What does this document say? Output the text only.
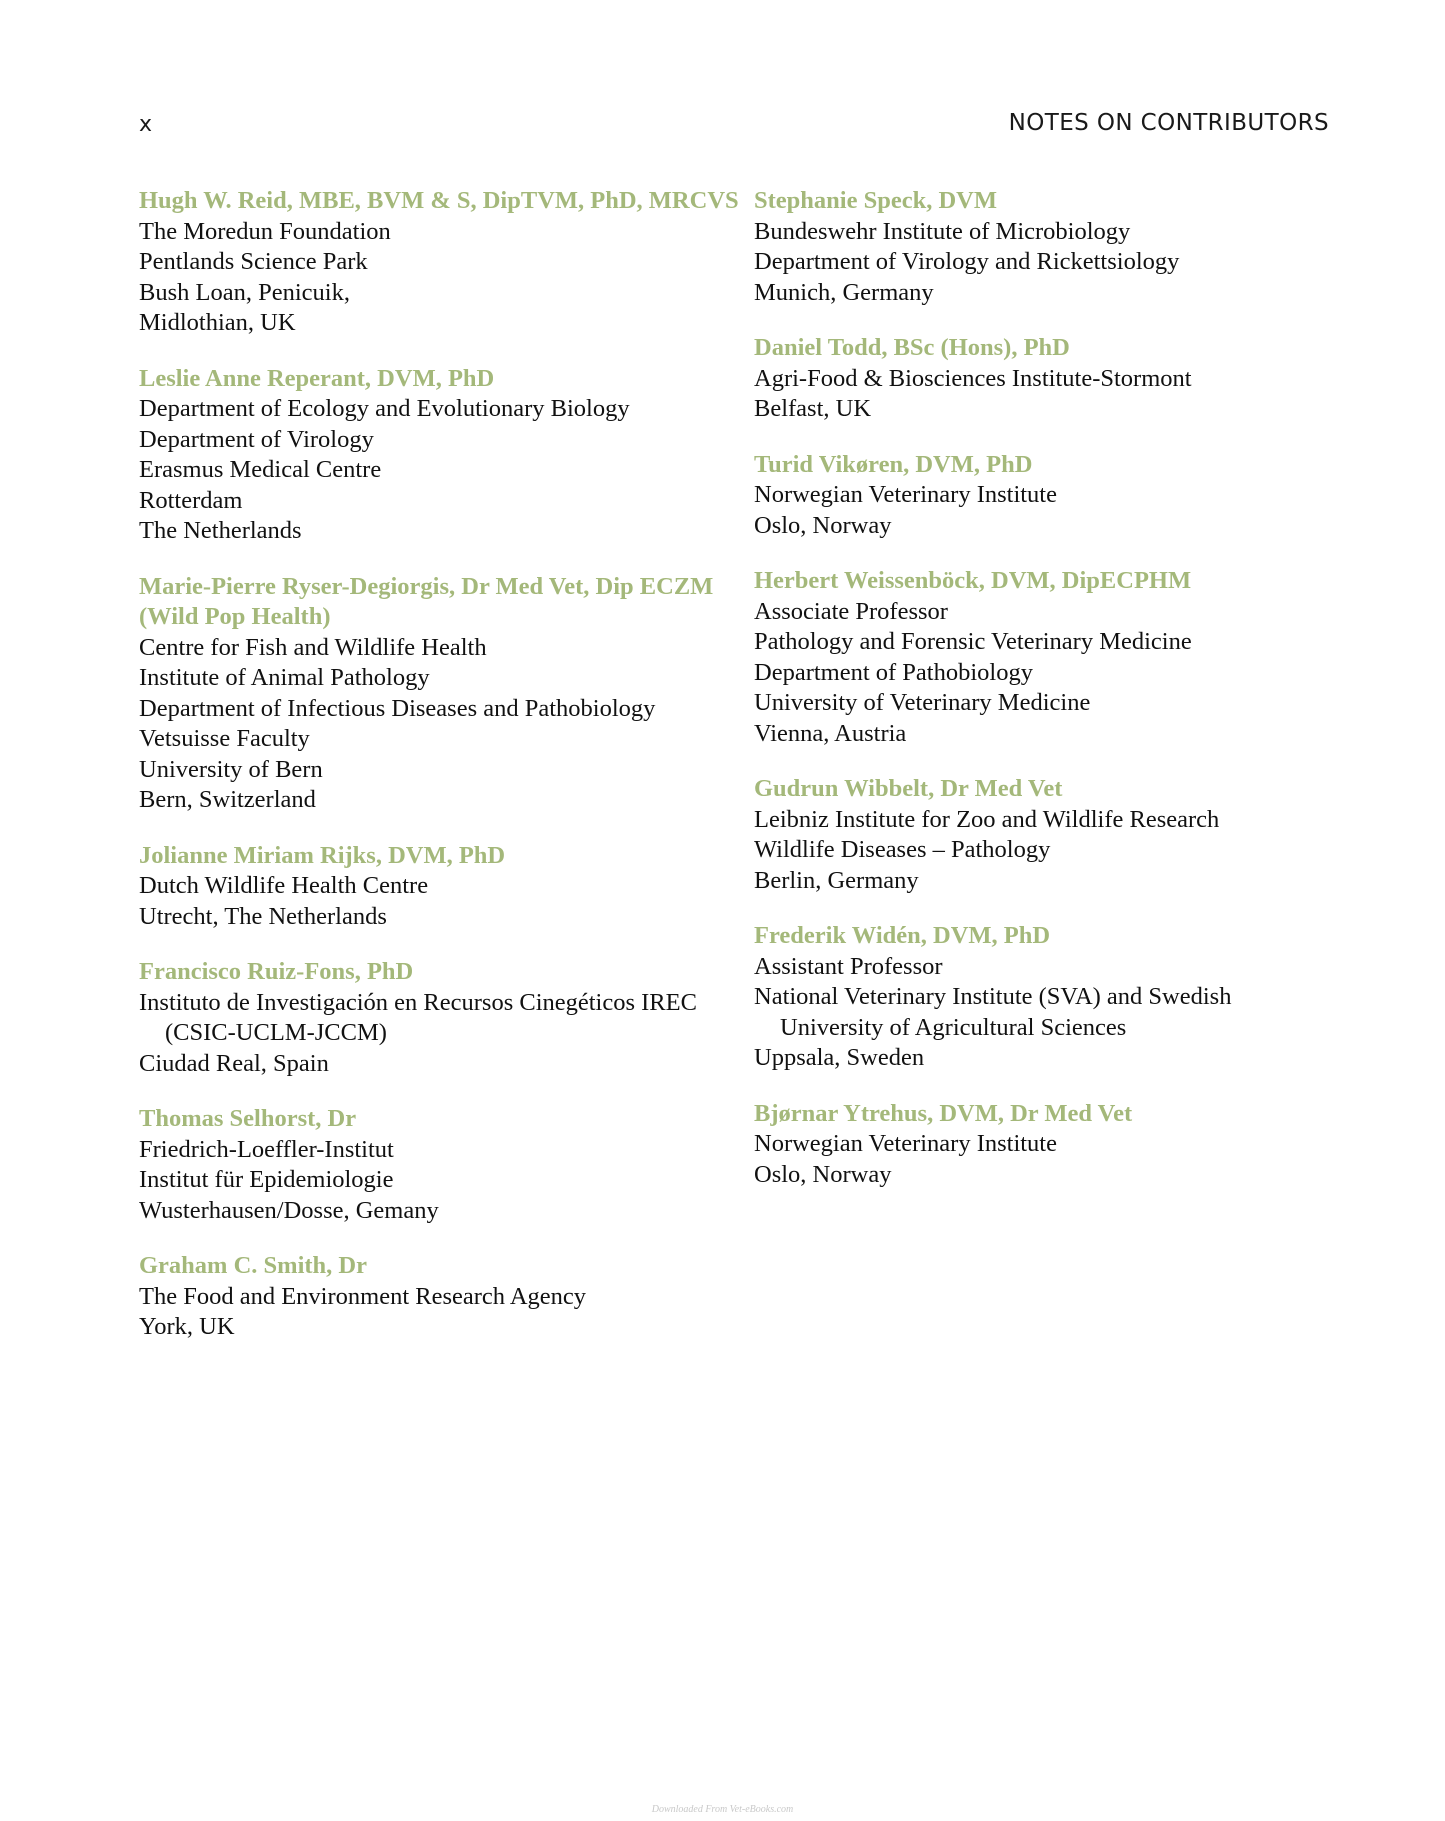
x	NOTES ON CONTRIBUTORS
Hugh W. Reid, MBE, BVM & S, DipTVM, PhD, MRCVS
The Moredun Foundation
Pentlands Science Park
Bush Loan, Penicuik,
Midlothian, UK
Leslie Anne Reperant, DVM, PhD
Department of Ecology and Evolutionary Biology
Department of Virology
Erasmus Medical Centre
Rotterdam
The Netherlands
Marie-Pierre Ryser-Degiorgis, Dr Med Vet, Dip ECZM (Wild Pop Health)
Centre for Fish and Wildlife Health
Institute of Animal Pathology
Department of Infectious Diseases and Pathobiology
Vetsuisse Faculty
University of Bern
Bern, Switzerland
Jolianne Miriam Rijks, DVM, PhD
Dutch Wildlife Health Centre
Utrecht, The Netherlands
Francisco Ruiz-Fons, PhD
Instituto de Investigación en Recursos Cinegéticos IREC
(CSIC-UCLM-JCCM)
Ciudad Real, Spain
Thomas Selhorst, Dr
Friedrich-Loeffler-Institut
Institut für Epidemiologie
Wusterhausen/Dosse, Gemany
Graham C. Smith, Dr
The Food and Environment Research Agency
York, UK
Stephanie Speck, DVM
Bundeswehr Institute of Microbiology
Department of Virology and Rickettsiology
Munich, Germany
Daniel Todd, BSc (Hons), PhD
Agri-Food & Biosciences Institute-Stormont
Belfast, UK
Turid Vikøren, DVM, PhD
Norwegian Veterinary Institute
Oslo, Norway
Herbert Weissenböck, DVM, DipECPHM
Associate Professor
Pathology and Forensic Veterinary Medicine
Department of Pathobiology
University of Veterinary Medicine
Vienna, Austria
Gudrun Wibbelt, Dr Med Vet
Leibniz Institute for Zoo and Wildlife Research
Wildlife Diseases – Pathology
Berlin, Germany
Frederik Widén, DVM, PhD
Assistant Professor
National Veterinary Institute (SVA) and Swedish
University of Agricultural Sciences
Uppsala, Sweden
Bjørnar Ytrehus, DVM, Dr Med Vet
Norwegian Veterinary Institute
Oslo, Norway
Downloaded From Vet-eBooks.com
